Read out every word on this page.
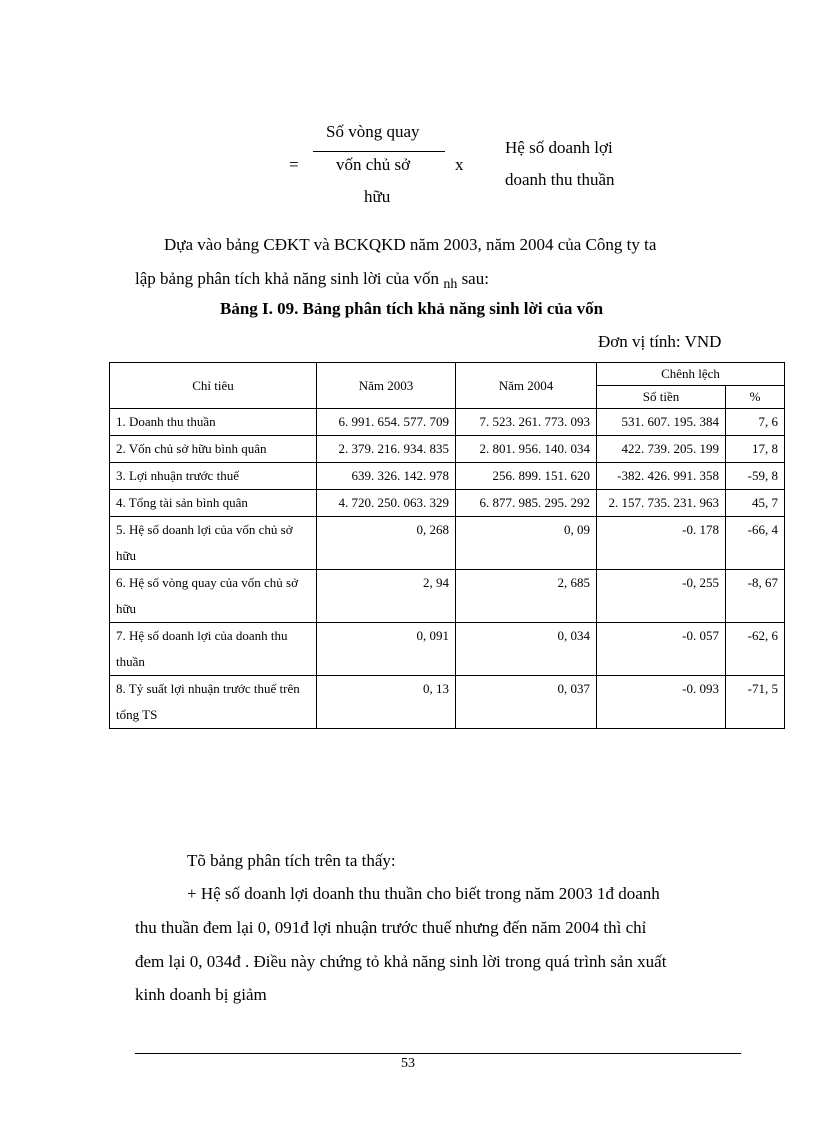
=
Số vòng quay
vốn chủ sở
hữu
x
Hệ số doanh lợi
doanh thu thuần
Dựa vào bảng CĐKT và BCKQKD năm 2003, năm 2004 của Công ty ta
lập bảng phân tích khả năng sinh lời của vốn $_{nh}$ sau:
Bảng I. 09. Bảng phân tích khả năng sinh lời của vốn
Đơn vị tính: VND
Chỉ tiêu	Năm 2003	Năm 2004	Chênh lệch	
			Số tiền	%
1. Doanh thu thuần	6. 991. 654. 577. 709	7. 523. 261. 773. 093	531. 607. 195. 384	7, 6
2. Vốn chủ sở hữu bình quân	2. 379. 216. 934. 835	2. 801. 956. 140. 034	422. 739. 205. 199	17, 8
3. Lợi nhuận trước thuế	639. 326. 142. 978	256. 899. 151. 620	-382. 426. 991. 358	-59, 8
4. Tổng tài sản bình quân	4. 720. 250. 063. 329	6. 877. 985. 295. 292	2. 157. 735. 231. 963	45, 7
5. Hệ số doanh lợi của vốn chủ sở hữu	0, 268	0, 09	-0. 178	-66, 4
6. Hệ số vòng quay của vốn chủ sở hữu	2, 94	2, 685	-0, 255	-8, 67
7. Hệ số doanh lợi của doanh thu thuần	0, 091	0, 034	-0. 057	-62, 6
8. Tỷ suất lợi nhuận trước thuế trên tổng TS	0, 13	0, 037	-0. 093	-71, 5
Tõ bảng phân tích trên ta thấy:
+ Hệ số doanh lợi doanh thu thuần cho biết trong năm 2003 1đ doanh
thu thuần đem lại 0, 091đ lợi nhuận trước thuế nhưng đến năm 2004 thì chỉ
đem lại 0, 034đ . Điều này chứng tỏ khả năng sinh lời trong quá trình sản xuất
kinh doanh bị giảm
53
